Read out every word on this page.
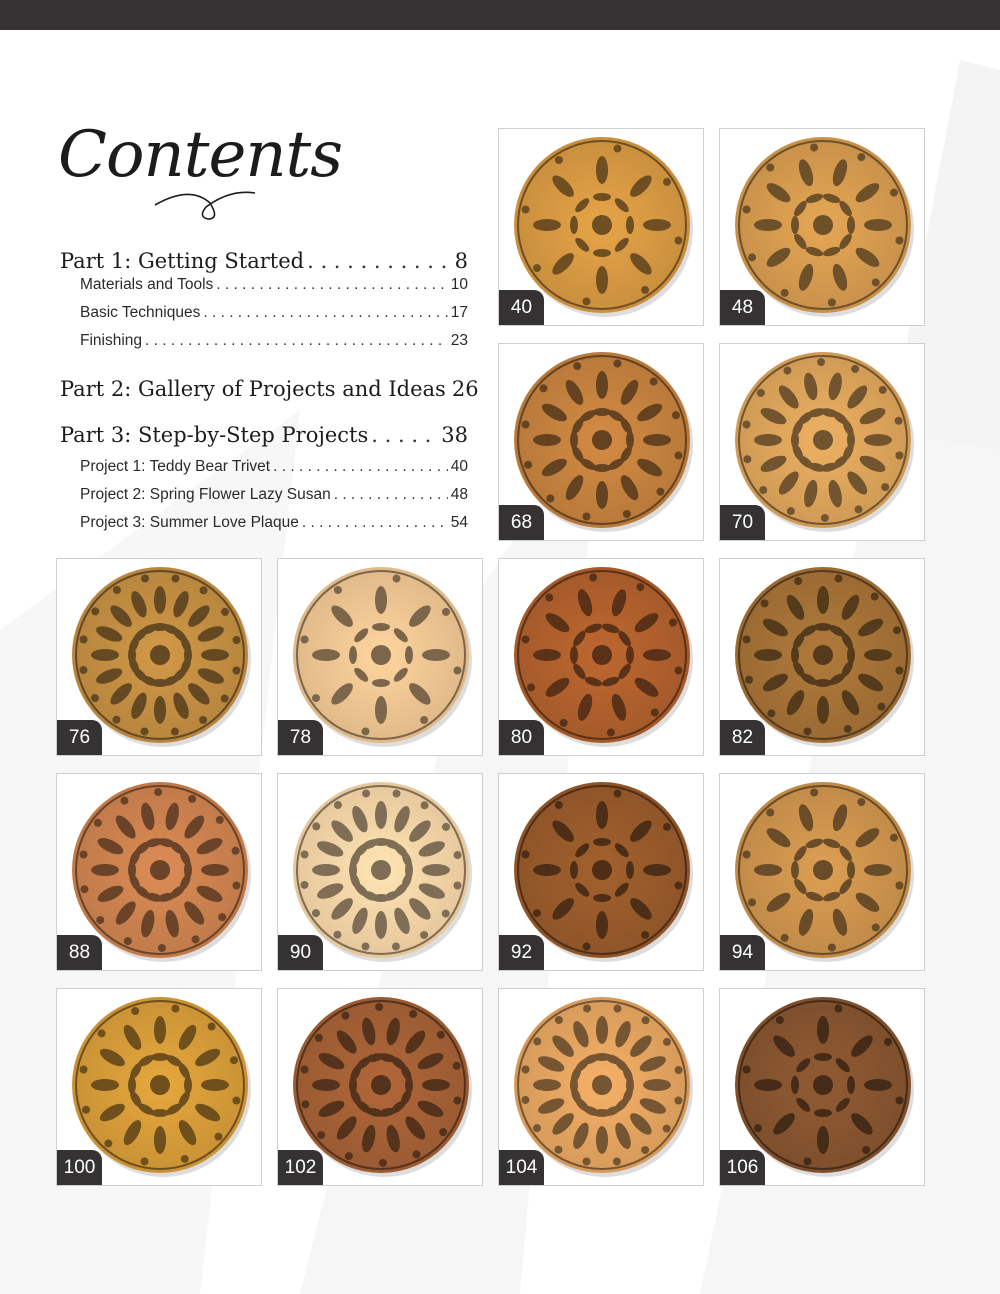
Contents
Part 1: Getting Started . . .	8
Materials and Tools . . .	10
Basic Techniques . . .	17
Finishing . . .	23
Part 2: Gallery of Projects and Ideas 26
Part 3: Step-by-Step Projects . . .	38
Project 1: Teddy Bear Trivet . . .	40
Project 2: Spring Flower Lazy Susan . . .	48
Project 3: Summer Love Plaque . . .	54
40	48
68	70
76	78	80	82
88	90	92	94
100	102	104	106
